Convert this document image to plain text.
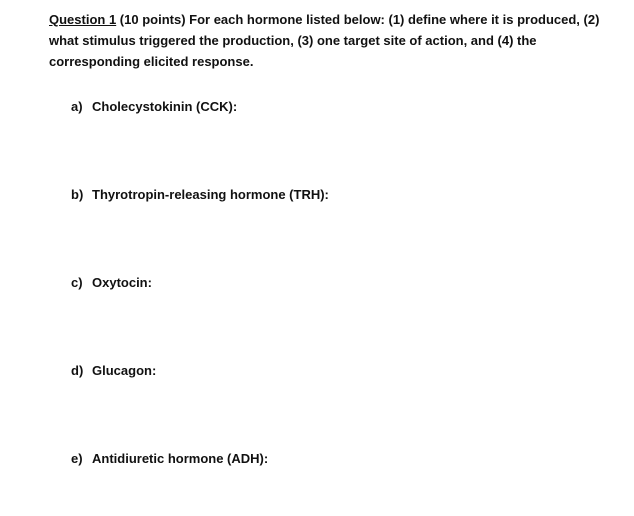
Question 1 (10 points) For each hormone listed below: (1) define where it is produced, (2) what stimulus triggered the production, (3) one target site of action, and (4) the corresponding elicited response.
a) Cholecystokinin (CCK):
b) Thyrotropin-releasing hormone (TRH):
c) Oxytocin:
d) Glucagon:
e) Antidiuretic hormone (ADH):
